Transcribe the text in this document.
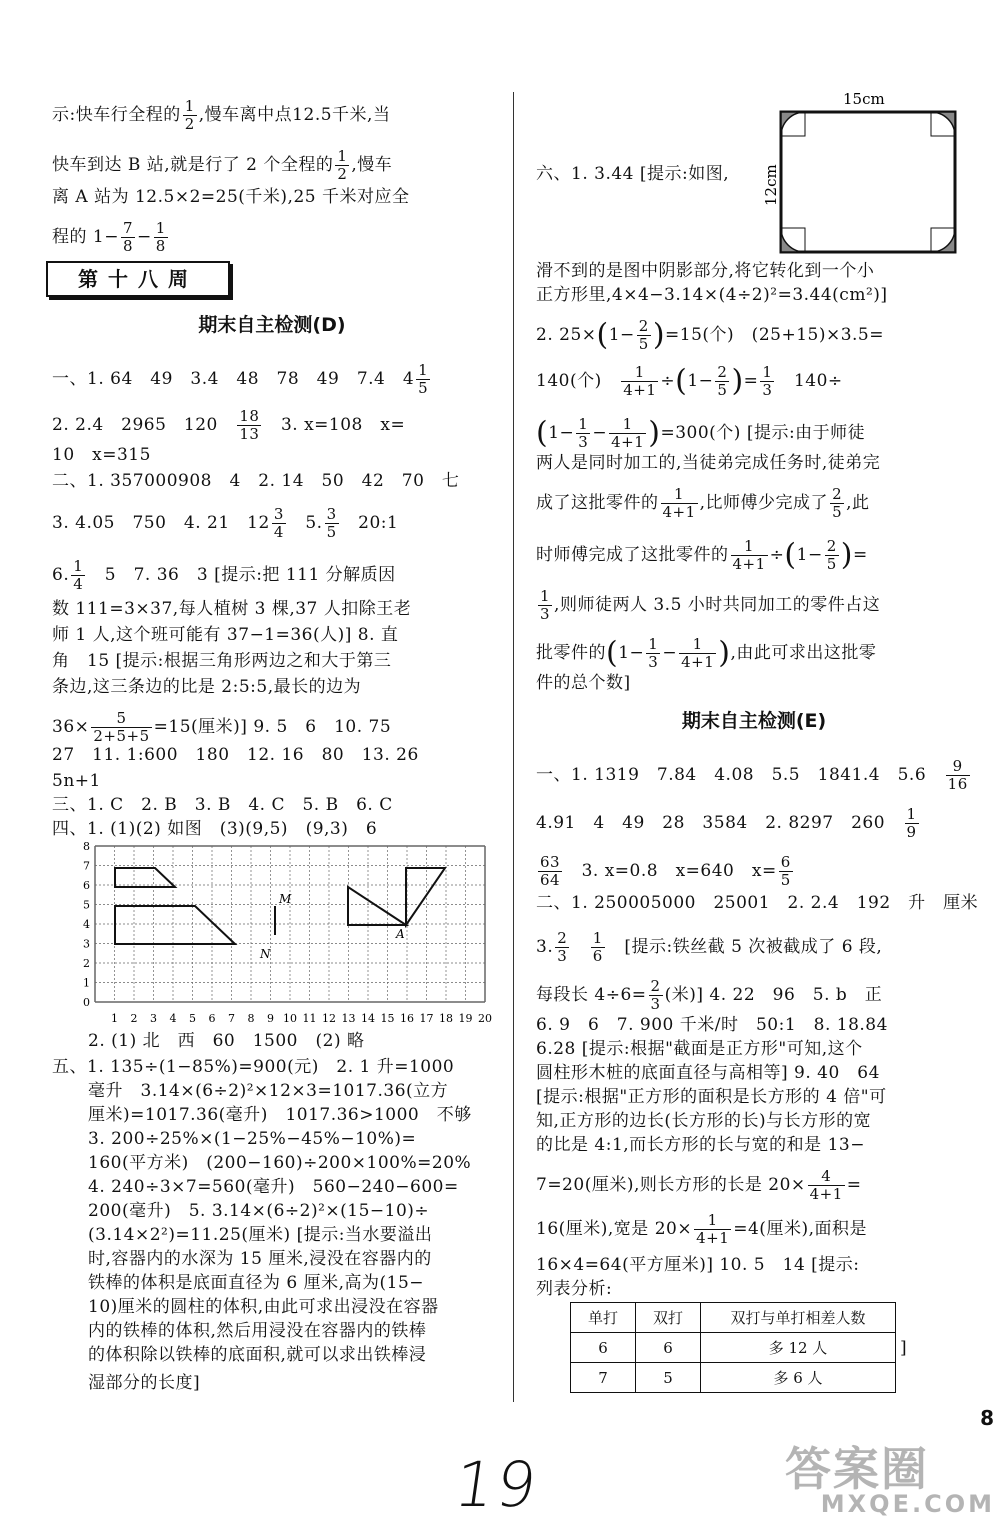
示:快车行全程的 $\frac{1}{2}$ ,慢车离中点12.5千米,当
快车到达 B 站,就是行了 2 个全程的 $\frac{1}{2}$ ,慢车
离 A 站为 12.5×2=25(千米),25 千米对应全
程的 $1- \frac{7}{8} - \frac{1}{8}$
第十八周
期末自主检测(D)
一、1. 64　49　3.4　48　78　49　7.4　$4 \frac{1}{5}$
2. 2.4　2965　120　 $\frac{18}{13}$
　 3. x=108　x=
10　x=315
二、1. 357000908　4　2. 14　50　42　70　七
3. 4.05　750　4. 21　$12 \frac{3}{4}$
　 5. $\frac{3}{5}$
　 20:1
6. $\frac{1}{4}$
　 5　7. 36　3 [提示:把 111 分解质因
数 111=3×37,每人植树 3 棵,37 人扣除王老
师 1 人,这个班可能有 37−1=36(人)] 8. 直
角　15 [提示:根据三角形两边之和大于第三
条边,这三条边的比是 2:5:5,最长的边为
$36\times \frac{5}{2+5+5} =15$(厘米)] 9. 5　6　10. 75
27　11. 1:600　180　12. 16　80　13. 26
5n+1
三、1. C　2. B　3. B　4. C　5. B　6. C
四、1. (1)(2) 如图　(3)(9,5)　(9,3)　6
0
1
2
3
4
5
6
7
8
1 2 3 4 5 6 7 8 9 10 11 12 13 14 15 16 17 18 19 20
M
N
A
2. (1) 北　西　60　1500　(2) 略
五、1. 135÷(1−85%)=900(元)　2. 1 升=1000
毫升　3.14×(6÷2)²×12×3=1017.36(立方
厘米)=1017.36(毫升)　1017.36>1000　不够
3. 200÷25%×(1−25%−45%−10%)=
160(平方米)　(200−160)÷200×100%=20%
4. 240÷3×7=560(毫升)　560−240−600=
200(毫升)　5. 3.14×(6÷2)²×(15−10)÷
(3.14×2²)=11.25(厘米) [提示:当水要溢出
时,容器内的水深为 15 厘米,浸没在容器内的
铁棒的体积是底面直径为 6 厘米,高为(15−
10)厘米的圆柱的体积,由此可求出浸没在容器
内的铁棒的体积,然后用浸没在容器内的铁棒
的体积除以铁棒的底面积,就可以求出铁棒浸
湿部分的长度]
15cm
12cm
六、1. 3.44 [提示:如图,
滑不到的是图中阴影部分,将它转化到一个小
正方形里,4×4−3.14×(4÷2)²=3.44(cm²)]
2. $25\times(1- \frac{2}{5} )=15$(个)　(25+15)×3.5=
140(个)　 $\frac{1}{4+1} \div(1- \frac{2}{5}$ )= $\frac{1}{3}$
　 140÷
$(1- \frac{1}{3} - \frac{1}{4+1} )=300$(个) [提示:由于师徒
两人是同时加工的,当徒弟完成任务时,徒弟完
成了这批零件的 $\frac{1}{4+1}$ ,比师傅少完成了 $\frac{2}{5}$ ,此
时师傅完成了这批零件的 $\frac{1}{4+1} \div(1- \frac{2}{5}$ )=
$\frac{1}{3}$ ,则师徒两人 3.5 小时共同加工的零件占这
批零件的($1- \frac{1}{3} - \frac{1}{4+1}$ ),由此可求出这批零
件的总个数]
期末自主检测(E)
一、1. 1319　7.84　4.08　5.5　1841.4　5.6　 $\frac{9}{16}$
4.91　4　49　28　3584　2. 8297　260　 $\frac{1}{9}$
$\frac{63}{64}$
　 3. x=0.8　x=640　$x= \frac{6}{5}$
二、1. 250005000　25001　2. 2.4　192　升　厘米
3. $\frac{2}{3}$
　 $\frac{1}{6}$
　 [提示:铁丝截 5 次被截成了 6 段,
每段长 $4\div 6= \frac{2}{3}$ (米)] 4. 22　96　5. b　正
6. 9　6　7. 900 千米/时　50:1　8. 18.84
6.28 [提示:根据"截面是正方形"可知,这个
圆柱形木桩的底面直径与高相等] 9. 40　64
[提示:根据"正方形的面积是长方形的 4 倍"可
知,正方形的边长(长方形的长)与长方形的宽
的比是 4:1,而长方形的长与宽的和是 13−
7=20(厘米),则长方形的长是 $20\times \frac{4}{4+1}$ =
16(厘米),宽是 $20\times \frac{1}{4+1} =4$(厘米),面积是
16×4=64(平方厘米)] 10. 5　14 [提示:
列表分析:
单打	双打	双打与单打相差人数
6	6	多 12 人
7	5	多 6 人
]
8
19	答案圈
MXQE.COM
